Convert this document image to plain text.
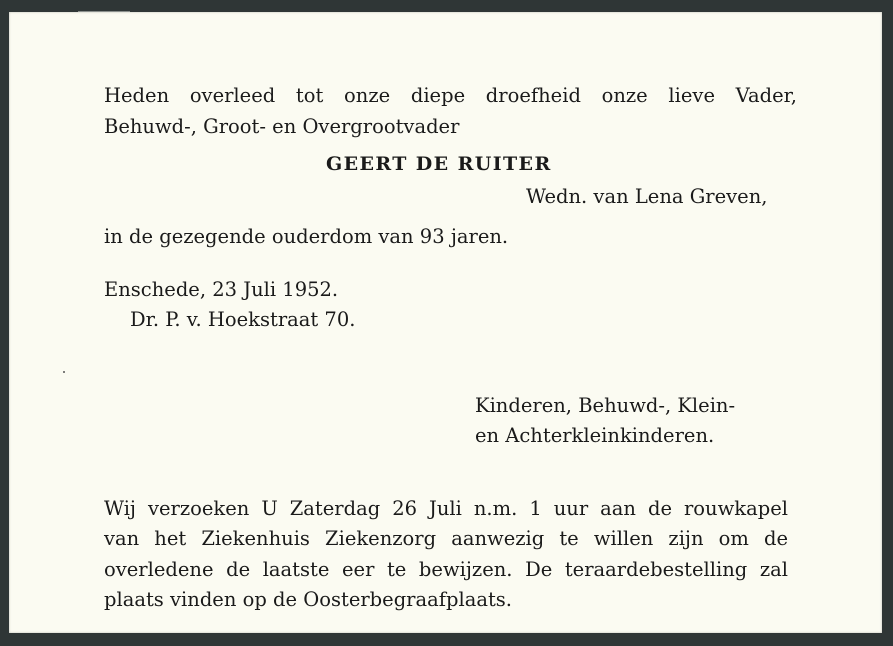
Heden overleed tot onze diepe droefheid onze lieve Vader,
Behuwd-, Groot- en Overgrootvader
GEERT DE RUITER
Wedn. van Lena Greven,
in de gezegende ouderdom van 93 jaren.
Enschede, 23 Juli 1952.
Dr. P. v. Hoekstraat 70.
Kinderen, Behuwd-, Klein-
en Achterkleinkinderen.
Wij verzoeken U Zaterdag 26 Juli n.m. 1 uur aan de rouwkapel
van het Ziekenhuis Ziekenzorg aanwezig te willen zijn om de
overledene de laatste eer te bewijzen. De teraardebestelling zal
plaats vinden op de Oosterbegraafplaats.
